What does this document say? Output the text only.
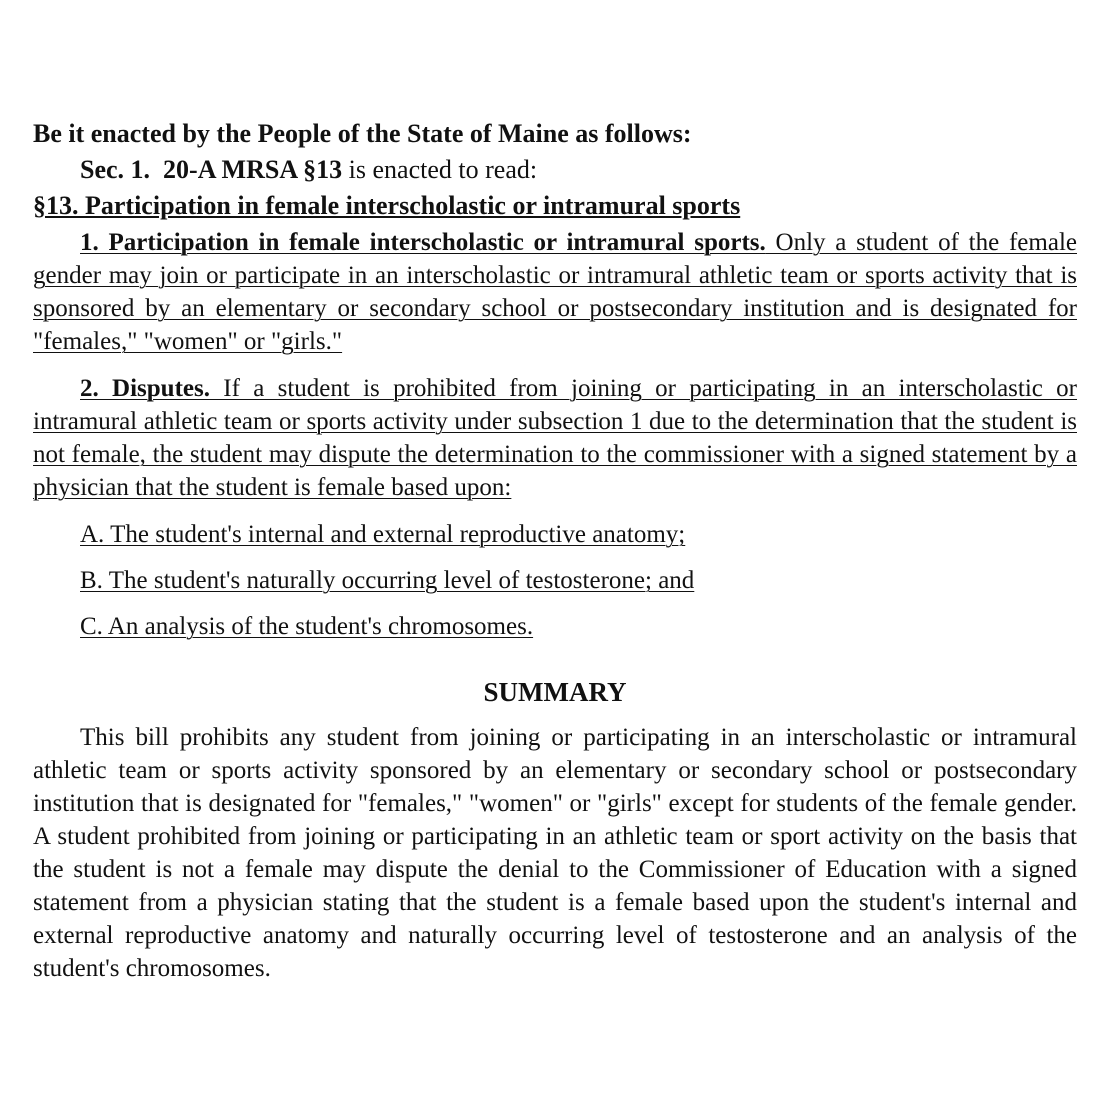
Be it enacted by the People of the State of Maine as follows:

Sec. 1. 20-A MRSA §13 is enacted to read:

§13. Participation in female interscholastic or intramural sports

1. Participation in female interscholastic or intramural sports. Only a student of the female gender may join or participate in an interscholastic or intramural athletic team or sports activity that is sponsored by an elementary or secondary school or postsecondary institution and is designated for "females," "women" or "girls."

2. Disputes. If a student is prohibited from joining or participating in an interscholastic or intramural athletic team or sports activity under subsection 1 due to the determination that the student is not female, the student may dispute the determination to the commissioner with a signed statement by a physician that the student is female based upon:

A. The student's internal and external reproductive anatomy;

B. The student's naturally occurring level of testosterone; and

C. An analysis of the student's chromosomes.

SUMMARY

This bill prohibits any student from joining or participating in an interscholastic or intramural athletic team or sports activity sponsored by an elementary or secondary school or postsecondary institution that is designated for "females," "women" or "girls" except for students of the female gender. A student prohibited from joining or participating in an athletic team or sport activity on the basis that the student is not a female may dispute the denial to the Commissioner of Education with a signed statement from a physician stating that the student is a female based upon the student's internal and external reproductive anatomy and naturally occurring level of testosterone and an analysis of the student's chromosomes.
